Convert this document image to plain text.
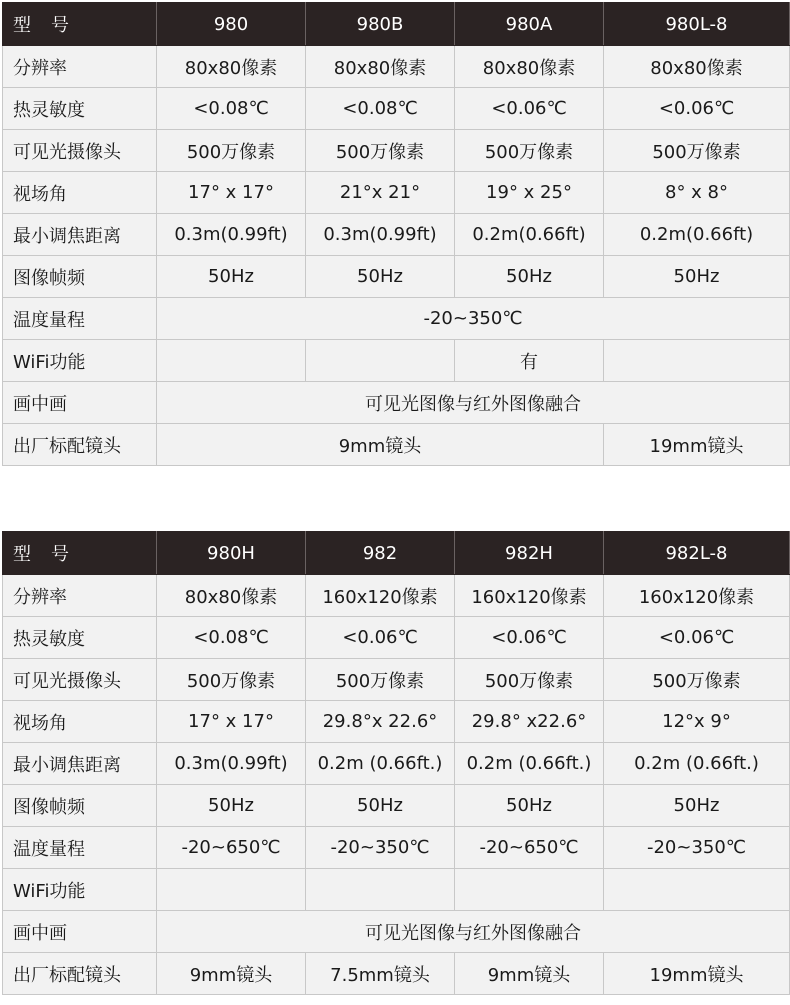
型　号	980	980B	980A	980L-8
分辨率	80x80像素	80x80像素	80x80像素	80x80像素
热灵敏度	<0.08℃	<0.08℃	<0.06℃	<0.06℃
可见光摄像头	500万像素	500万像素	500万像素	500万像素
视场角	17° x 17°	21°x 21°	19° x 25°	8° x 8°
最小调焦距离	0.3m(0.99ft)	0.3m(0.99ft)	0.2m(0.66ft)	0.2m(0.66ft)
图像帧频	50Hz	50Hz	50Hz	50Hz
温度量程	-20~350℃			
WiFi功能			有	
画中画	可见光图像与红外图像融合			
出厂标配镜头	9mm镜头			19mm镜头
型　号	980H	982	982H	982L-8
分辨率	80x80像素	160x120像素	160x120像素	160x120像素
热灵敏度	<0.08℃	<0.06℃	<0.06℃	<0.06℃
可见光摄像头	500万像素	500万像素	500万像素	500万像素
视场角	17° x 17°	29.8°x 22.6°	29.8° x22.6°	12°x 9°
最小调焦距离	0.3m(0.99ft)	0.2m (0.66ft.)	0.2m (0.66ft.)	0.2m (0.66ft.)
图像帧频	50Hz	50Hz	50Hz	50Hz
温度量程	-20~650℃	-20~350℃	-20~650℃	-20~350℃
WiFi功能				
画中画	可见光图像与红外图像融合			
出厂标配镜头	9mm镜头	7.5mm镜头	9mm镜头	19mm镜头
